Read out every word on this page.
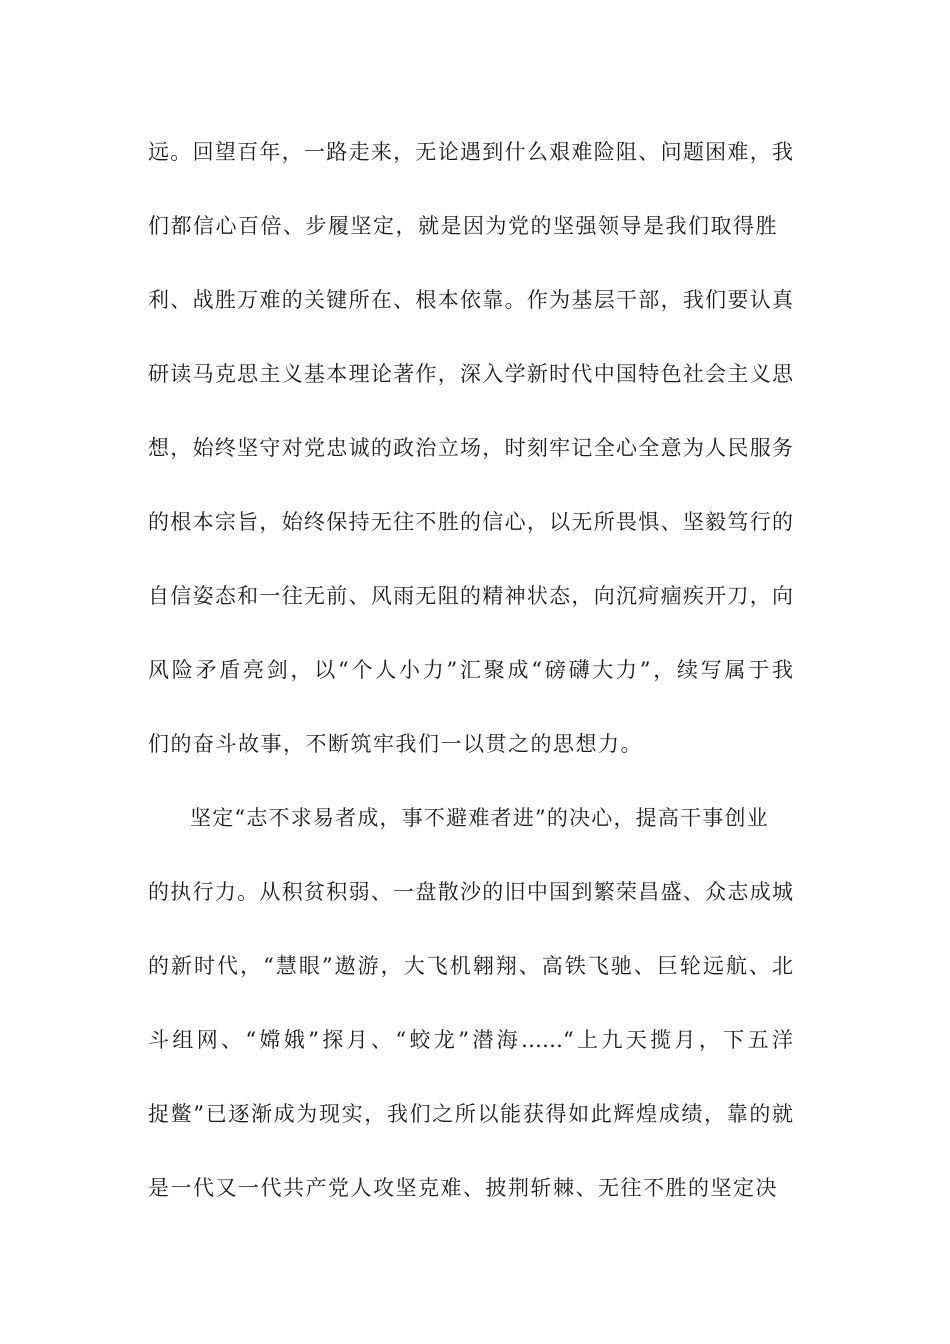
远。回望百年，一路走来，无论遇到什么艰难险阻、问题困难，我
们都信心百倍、步履坚定，就是因为党的坚强领导是我们取得胜
利、战胜万难的关键所在、根本依靠。作为基层干部，我们要认真
研读马克思主义基本理论著作，深入学新时代中国特色社会主义思
想，始终坚守对党忠诚的政治立场，时刻牢记全心全意为人民服务
的根本宗旨，始终保持无往不胜的信心，以无所畏惧、坚毅笃行的
自信姿态和一往无前、风雨无阻的精神状态，向沉疴痼疾开刀，向
风险矛盾亮剑，以“个人小力”汇聚成“磅礴大力”，续写属于我
们的奋斗故事，不断筑牢我们一以贯之的思想力。
坚定“志不求易者成，事不避难者进”的决心，提高干事创业
的执行力。从积贫积弱、一盘散沙的旧中国到繁荣昌盛、众志成城
的新时代，“慧眼”遨游，大飞机翱翔、高铁飞驰、巨轮远航、北
斗组网、“嫦娥”探月、“蛟龙”潜海……“上九天揽月，下五洋
捉鳖”已逐渐成为现实，我们之所以能获得如此辉煌成绩，靠的就
是一代又一代共产党人攻坚克难、披荆斩棘、无往不胜的坚定决
